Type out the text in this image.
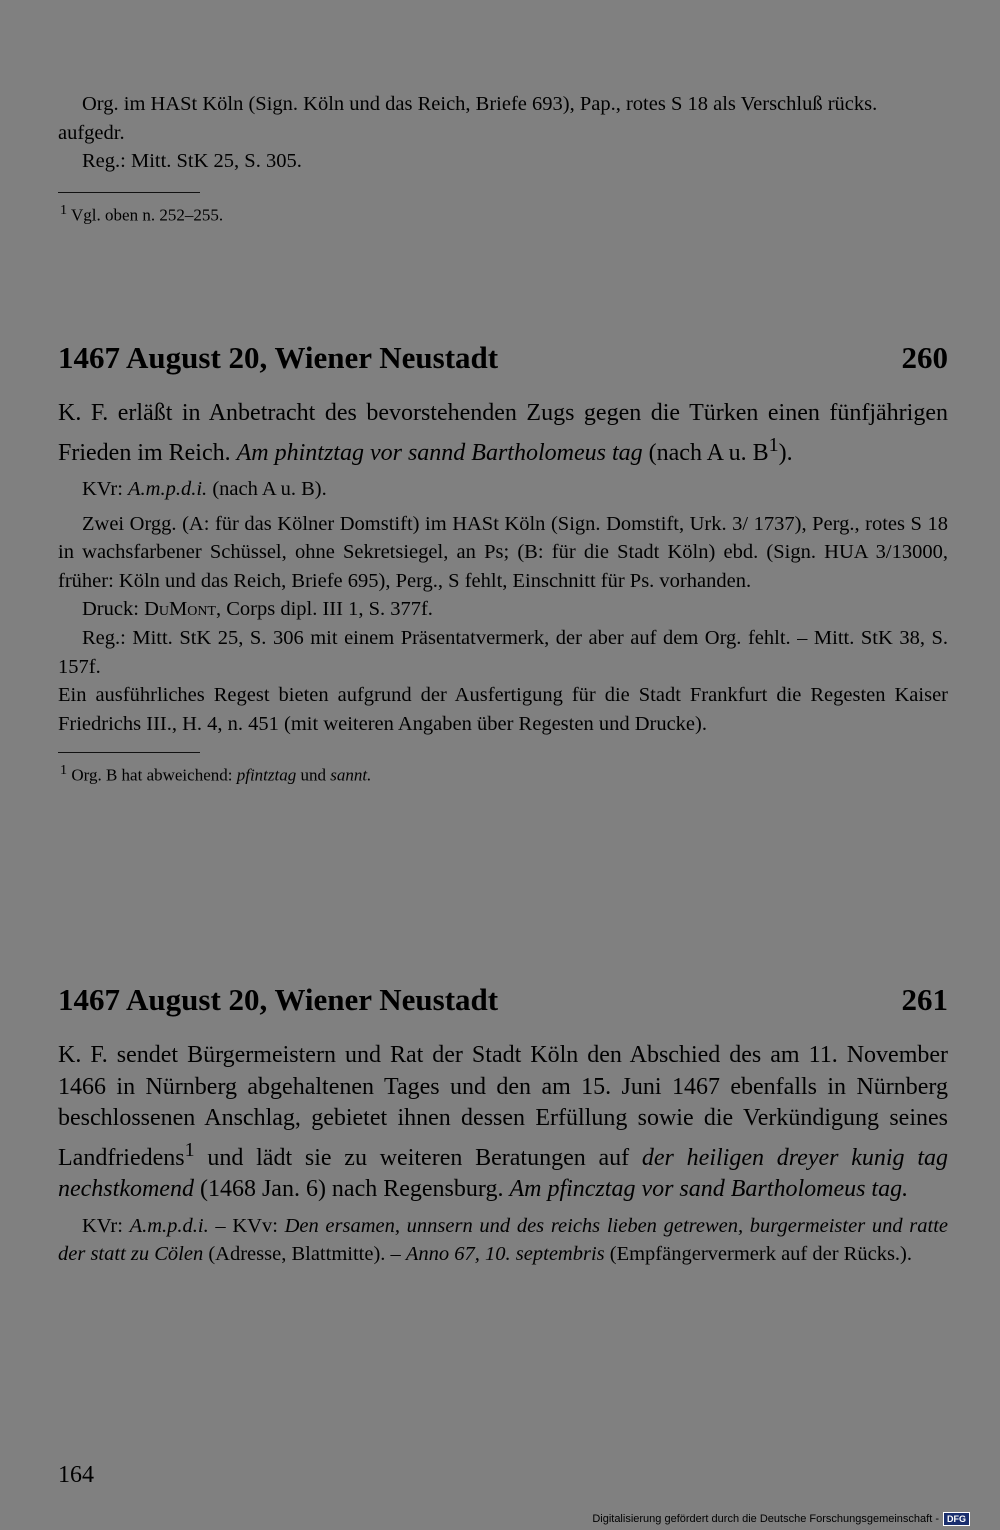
Org. im HASt Köln (Sign. Köln und das Reich, Briefe 693), Pap., rotes S 18 als Verschluß rücks. aufgedr.

Reg.: Mitt. StK 25, S. 305.

$^1$ Vgl. oben n. 252–255.

1467 August 20, Wiener Neustadt	260

K. F. erläßt in Anbetracht des bevorstehenden Zugs gegen die Türken einen fünfjährigen Frieden im Reich. Am phintztag vor sannd Bartholomeus tag (nach A u. $B^1$).

KVr: A.m.p.d.i. (nach A u. B).

Zwei Orgg. (A: für das Kölner Domstift) im HASt Köln (Sign. Domstift, Urk. 3/ 1737), Perg., rotes S 18 in wachsfarbener Schüssel, ohne Sekretsiegel, an Ps; (B: für die Stadt Köln) ebd. (Sign. HUA 3/13000, früher: Köln und das Reich, Briefe 695), Perg., S fehlt, Einschnitt für Ps. vorhanden.

Druck: DuMont, Corps dipl. III 1, S. 377f.

Reg.: Mitt. StK 25, S. 306 mit einem Präsentatvermerk, der aber auf dem Org. fehlt. – Mitt. StK 38, S. 157f.

Ein ausführliches Regest bieten aufgrund der Ausfertigung für die Stadt Frankfurt die Regesten Kaiser Friedrichs III., H. 4, n. 451 (mit weiteren Angaben über Regesten und Drucke).

$^1$ Org. B hat abweichend: pfintztag und sannt.

1467 August 20, Wiener Neustadt	261

K. F. sendet Bürgermeistern und Rat der Stadt Köln den Abschied des am 11. November 1466 in Nürnberg abgehaltenen Tages und den am 15. Juni 1467 ebenfalls in Nürnberg beschlossenen Anschlag, gebietet ihnen dessen Erfüllung sowie die Verkündigung seines Landfriedens$^1$ und lädt sie zu weiteren Beratungen auf der heiligen dreyer kunig tag nechstkomend (1468 Jan. 6) nach Regensburg. Am pfincztag vor sand Bartholomeus tag.

KVr: A.m.p.d.i. – KVv: Den ersamen, unnsern und des reichs lieben getrewen, burgermeister und ratte der statt zu Cölen (Adresse, Blattmitte). – Anno 67, 10. septembris (Empfängervermerk auf der Rücks.).

164
Digitalisierung gefördert durch die Deutsche Forschungsgemeinschaft - DFG
